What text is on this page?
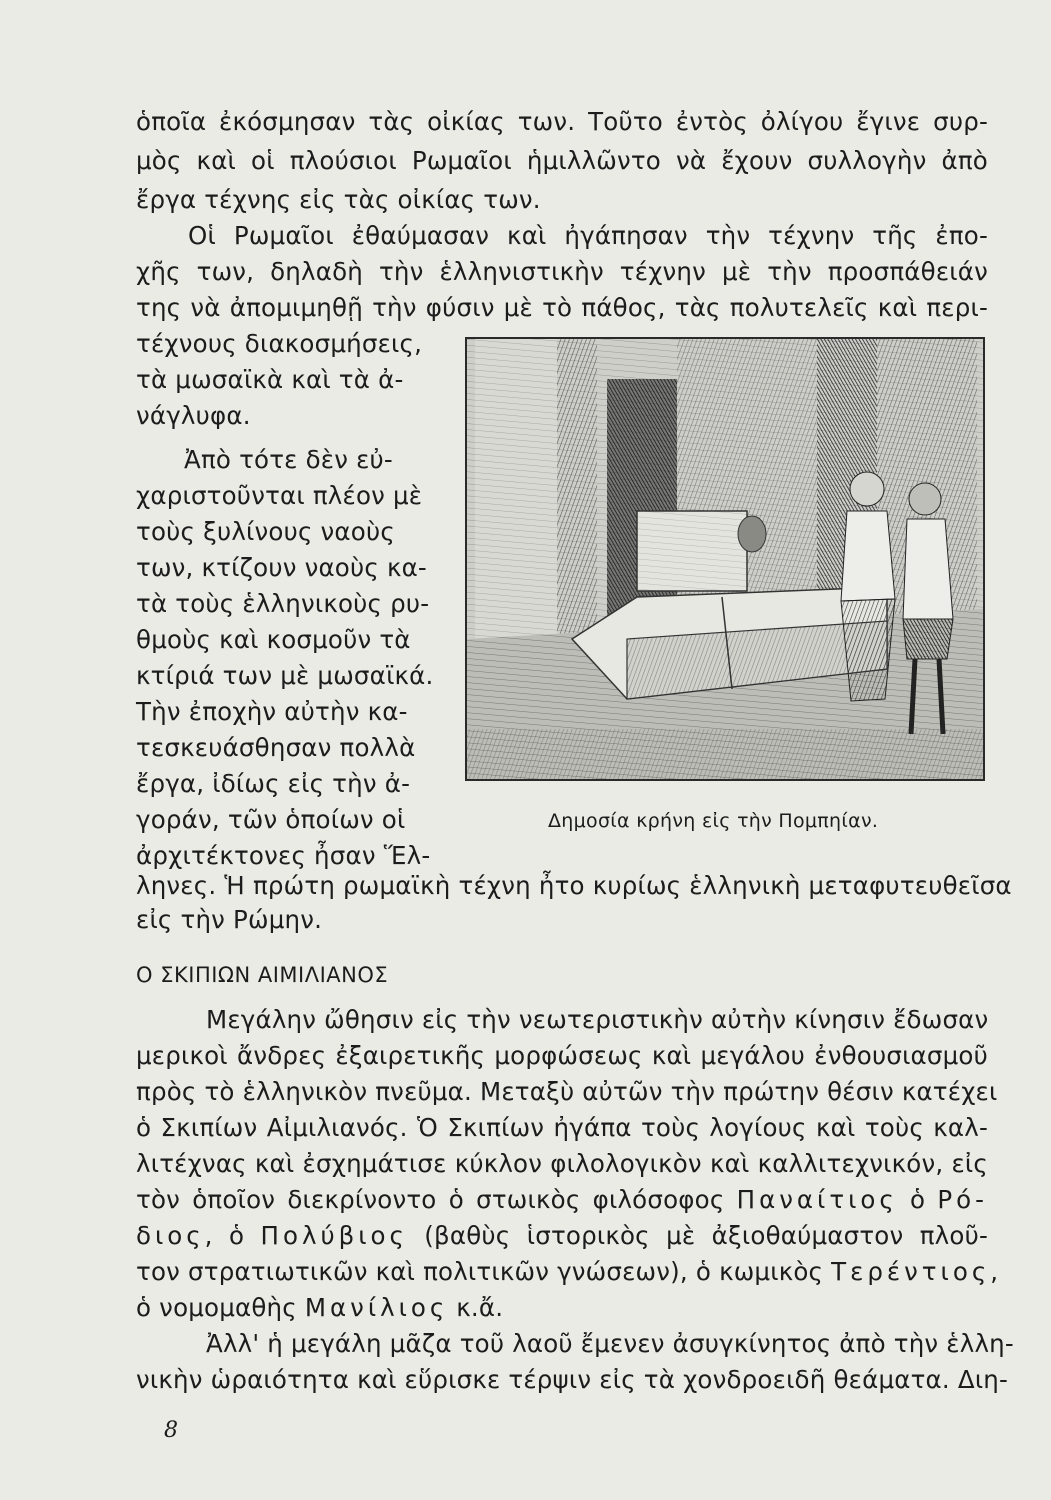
ὁποῖα ἐκόσμησαν τὰς οἰκίας των. Τοῦτο ἐντὸς ὀλίγου ἔγινε συρ-
μὸς καὶ οἱ πλούσιοι Ρωμαῖοι ἡμιλλῶντο νὰ ἔχουν συλλογὴν ἀπὸ
ἔργα τέχνης εἰς τὰς οἰκίας των.
Οἱ Ρωμαῖοι ἐθαύμασαν καὶ ἠγάπησαν τὴν τέχνην τῆς ἐπο-
χῆς των, δηλαδὴ τὴν ἑλληνιστικὴν τέχνην μὲ τὴν προσπάθειάν
της νὰ ἀπομιμηθῇ τὴν φύσιν μὲ τὸ πάθος, τὰς πολυτελεῖς καὶ περι-
τέχνους διακοσμήσεις,
τὰ μωσαϊκὰ καὶ τὰ ἀ-
νάγλυφα.
Ἀπὸ τότε δὲν εὐ-
χαριστοῦνται πλέον μὲ
τοὺς ξυλίνους ναοὺς
των, κτίζουν ναοὺς κα-
τὰ τοὺς ἑλληνικοὺς ρυ-
θμοὺς καὶ κοσμοῦν τὰ
κτίριά των μὲ μωσαϊκά.
Τὴν ἐποχὴν αὐτὴν κα-
τεσκευάσθησαν πολλὰ
ἔργα, ἰδίως εἰς τὴν ἀ-
γοράν, τῶν ὁποίων οἱ
ἀρχιτέκτονες ἦσαν Ἕλ-
ληνες. Ἡ πρώτη ρωμαϊκὴ τέχνη ἦτο κυρίως ἑλληνικὴ μεταφυτευθεῖσα
εἰς τὴν Ρώμην.
Δημοσία κρήνη εἰς τὴν Πομπηίαν.
Ο ΣΚΙΠΙΩΝ ΑΙΜΙΛΙΑΝΟΣ
Μεγάλην ὤθησιν εἰς τὴν νεωτεριστικὴν αὐτὴν κίνησιν ἔδωσαν
μερικοὶ ἄνδρες ἐξαιρετικῆς μορφώσεως καὶ μεγάλου ἐνθουσιασμοῦ
πρὸς τὸ ἑλληνικὸν πνεῦμα. Μεταξὺ αὐτῶν τὴν πρώτην θέσιν κατέχει
ὁ Σκιπίων Αἰμιλιανός. Ὁ Σκιπίων ἠγάπα τοὺς λογίους καὶ τοὺς καλ-
λιτέχνας καὶ ἐσχημάτισε κύκλον φιλολογικὸν καὶ καλλιτεχνικόν, εἰς
τὸν ὁποῖον διεκρίνοντο ὁ στωικὸς φιλόσοφος Παναίτιος ὁ Ρό-
διος, ὁ Πολύβιος (βαθὺς ἱστορικὸς μὲ ἀξιοθαύμαστον πλοῦ-
τον στρατιωτικῶν καὶ πολιτικῶν γνώσεων), ὁ κωμικὸς Τερέντιος,
ὁ νομομαθὴς Μανίλιος κ.ἄ.
Ἀλλ' ἡ μεγάλη μᾶζα τοῦ λαοῦ ἔμενεν ἀσυγκίνητος ἀπὸ τὴν ἑλλη-
νικὴν ὡραιότητα καὶ εὕρισκε τέρψιν εἰς τὰ χονδροειδῆ θεάματα. Διη-
8
